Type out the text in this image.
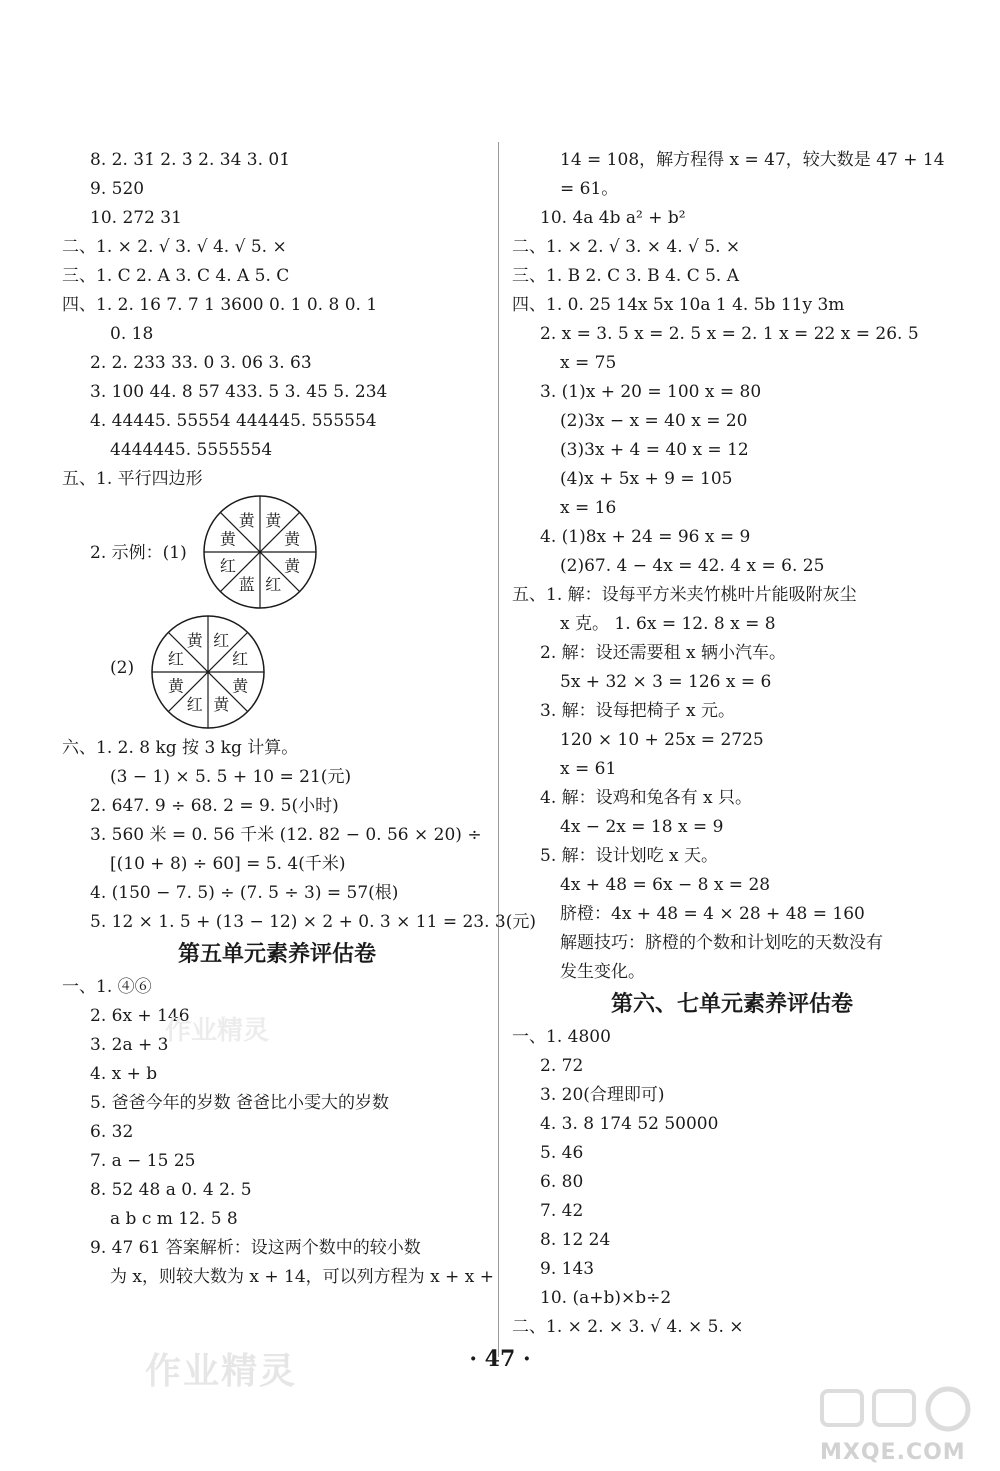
8. 2. 3̇1̇ 2. 3̇ 2. 34 3. 0̇1̇
9. 520
10. 272 31
二、1. × 2. √ 3. √ 4. √ 5. ×
三、1. C 2. A 3. C 4. A 5. C
四、1. 2. 16 7. 7 1 3600 0. 1 0. 8 0. 1
0. 18
2. 2. 233 33. 0 3. 06 3. 6̇3̇
3. 100 44. 8 57 433. 5 3. 45 5. 234
4. 44445. 55554 444445. 555554
4444445. 5555554
五、1. 平行四边形
2. 示例：(1)
黄 黄
黄
黄
红
蓝
红
黄
(2)
黄 红
红
黄
黄
红
黄
红
六、1. 2. 8 kg 按 3 kg 计算。
(3 − 1) × 5. 5 + 10 = 21(元)
2. 647. 9 ÷ 68. 2 = 9. 5(小时)
3. 560 米 = 0. 56 千米 (12. 82 − 0. 56 × 20) ÷
[(10 + 8) ÷ 60] = 5. 4(千米)
4. (150 − 7. 5) ÷ (7. 5 ÷ 3) = 57(根)
5. 12 × 1. 5 + (13 − 12) × 2 + 0. 3 × 11 = 23. 3(元)
第五单元素养评估卷
一、1. ④⑥
2. 6x + 146
3. 2a + 3
4. x + b
5. 爸爸今年的岁数 爸爸比小雯大的岁数
6. 32
7. a − 15 25
8. 52 48 a 0. 4 2. 5
a b c m 12. 5 8
9. 47 61 答案解析：设这两个数中的较小数
为 x，则较大数为 x + 14，可以列方程为 x + x +
14 = 108，解方程得 x = 47，较大数是 47 + 14
= 61。
10. 4a 4b a² + b²
二、1. × 2. √ 3. × 4. √ 5. ×
三、1. B 2. C 3. B 4. C 5. A
四、1. 0. 25 14x 5x 10a 1 4. 5b 11y 3m
2. x = 3. 5 x = 2. 5 x = 2. 1 x = 22 x = 26. 5
x = 75
3. (1)x + 20 = 100 x = 80
(2)3x − x = 40 x = 20
(3)3x + 4 = 40 x = 12
(4)x + 5x + 9 = 105
x = 16
4. (1)8x + 24 = 96 x = 9
(2)67. 4 − 4x = 42. 4 x = 6. 25
五、1. 解：设每平方米夹竹桃叶片能吸附灰尘
x 克。 1. 6x = 12. 8 x = 8
2. 解：设还需要租 x 辆小汽车。
5x + 32 × 3 = 126 x = 6
3. 解：设每把椅子 x 元。
120 × 10 + 25x = 2725
x = 61
4. 解：设鸡和兔各有 x 只。
4x − 2x = 18 x = 9
5. 解：设计划吃 x 天。
4x + 48 = 6x − 8 x = 28
脐橙：4x + 48 = 4 × 28 + 48 = 160
解题技巧：脐橙的个数和计划吃的天数没有
发生变化。
第六、七单元素养评估卷
一、1. 4800
2. 72
3. 20(合理即可)
4. 3. 8 174 52 50000
5. 46
6. 80
7. 42
8. 12 24
9. 143
10. (a+b)×b÷2
二、1. × 2. × 3. √ 4. × 5. ×
作业精灵
作业精灵	· 47 ·
MXQE.COM
